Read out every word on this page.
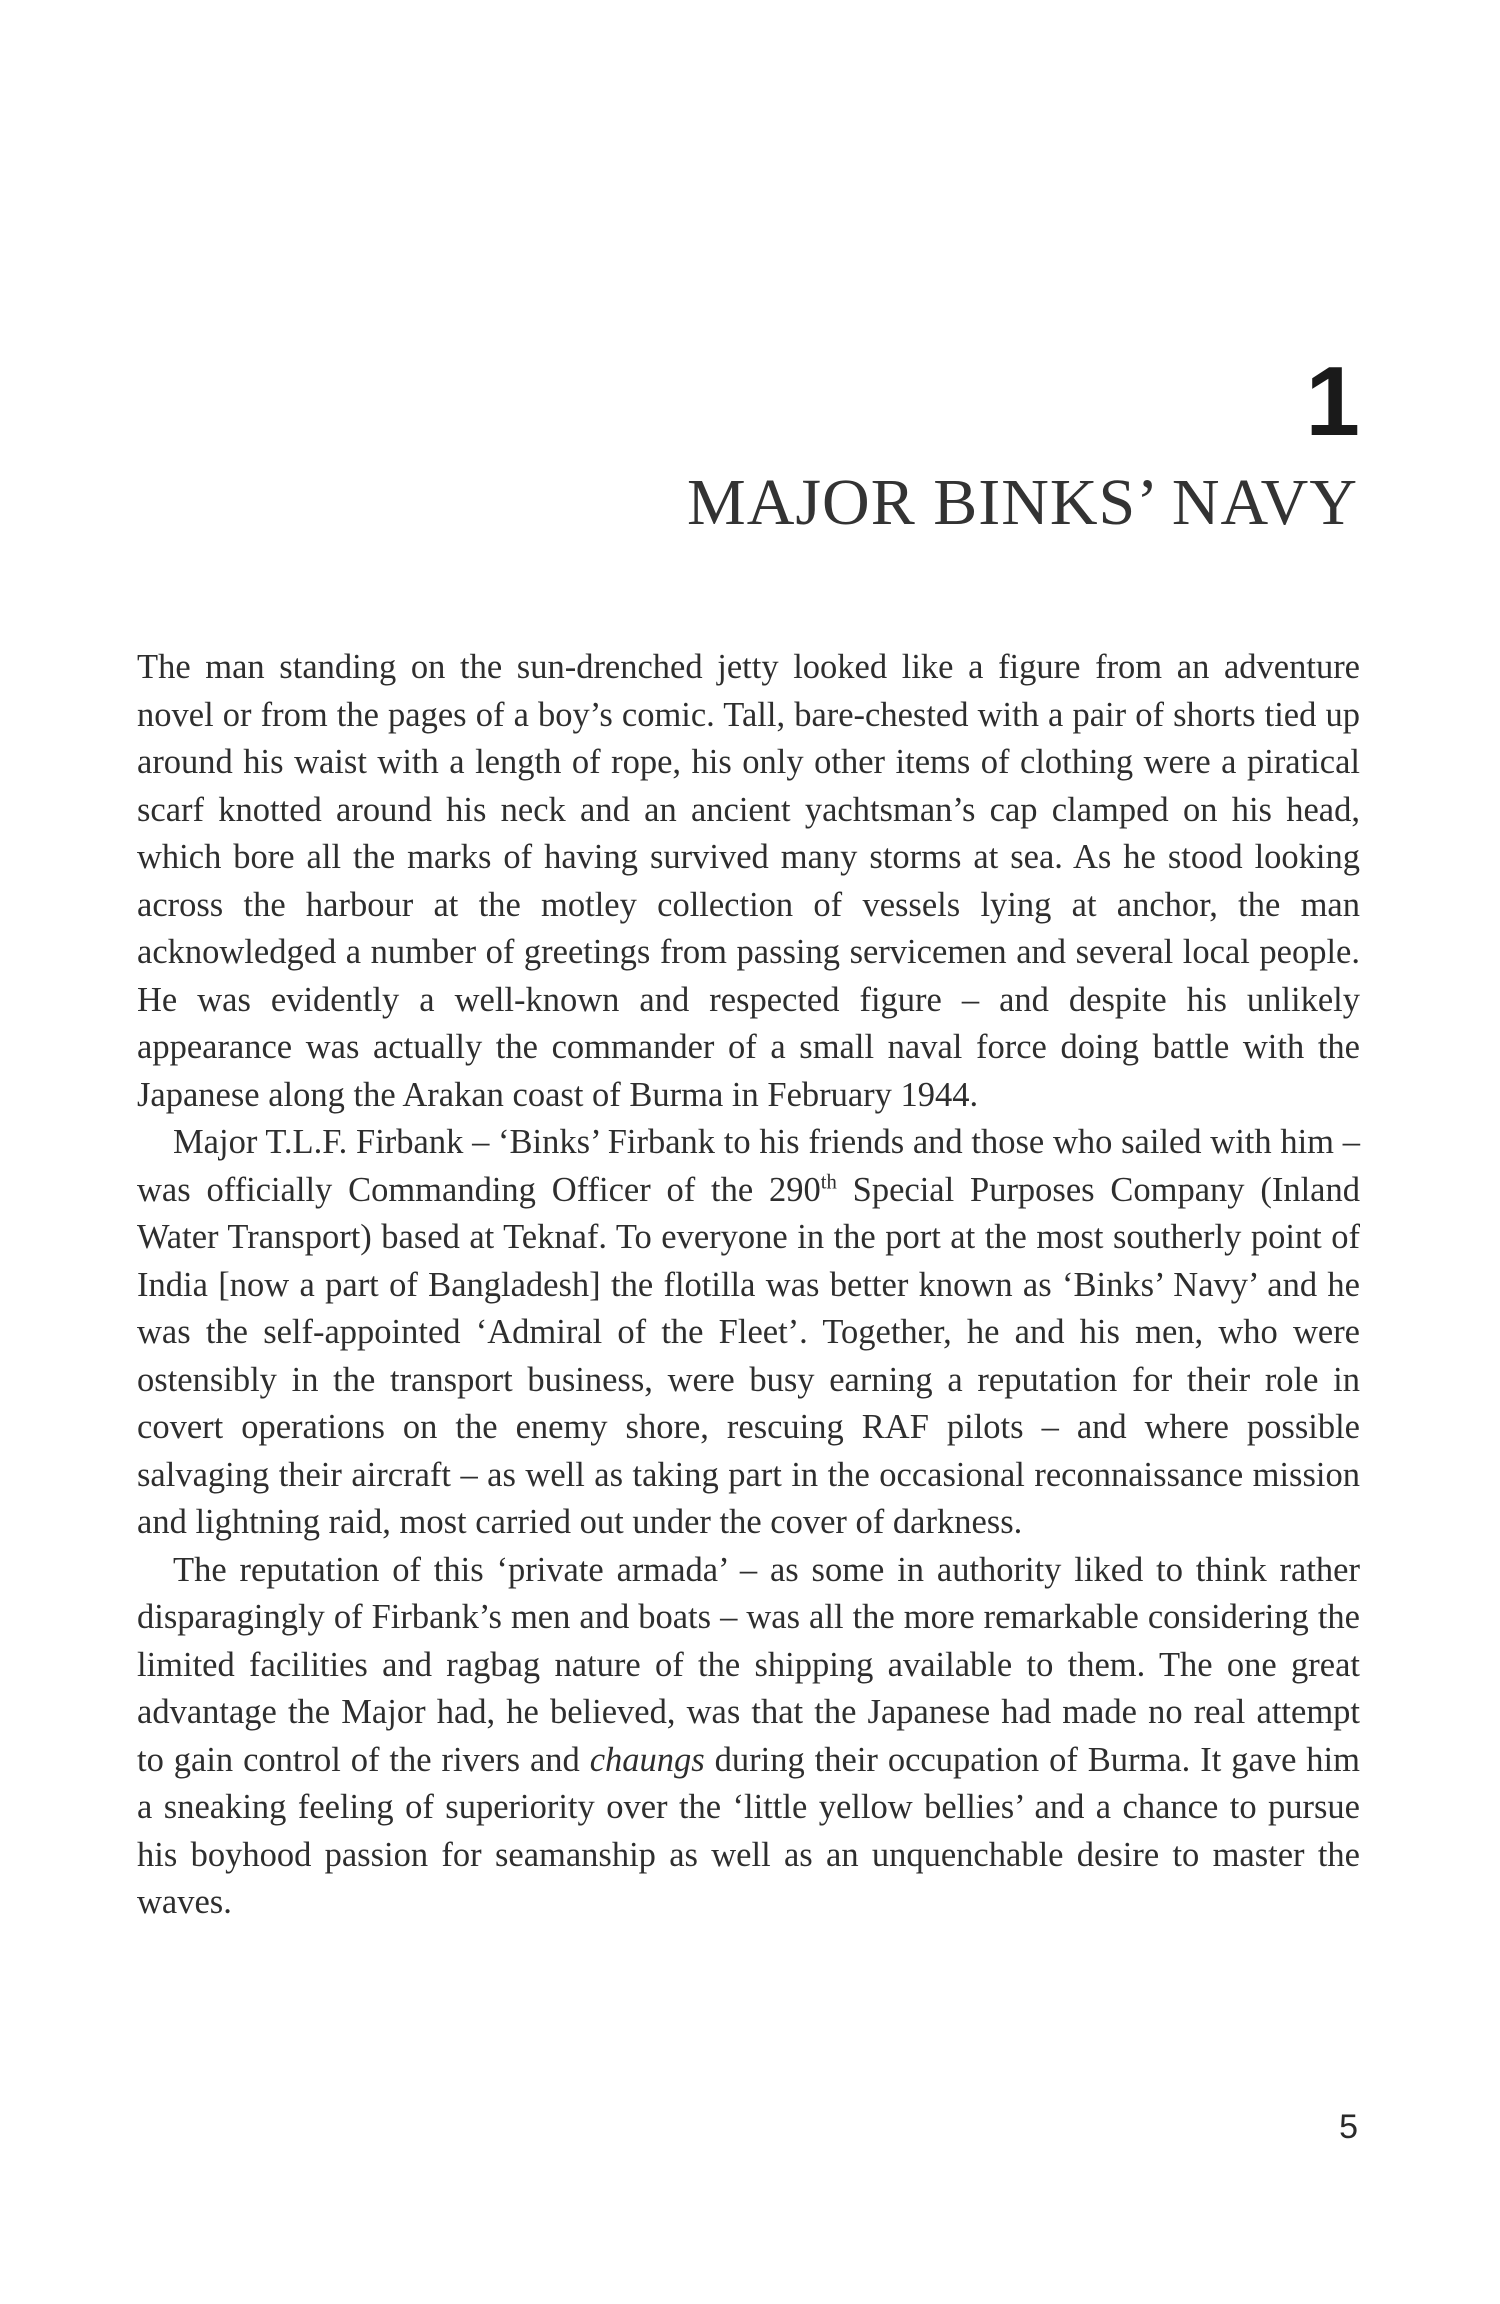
1
MAJOR BINKS’ NAVY

The man standing on the sun-drenched jetty looked like a figure from an adventure novel or from the pages of a boy’s comic. Tall, bare-chested with a pair of shorts tied up around his waist with a length of rope, his only other items of clothing were a piratical scarf knotted around his neck and an ancient yachtsman’s cap clamped on his head, which bore all the marks of having survived many storms at sea. As he stood looking across the harbour at the motley collection of vessels lying at anchor, the man acknowledged a number of greetings from passing servicemen and several local people. He was evidently a well-known and respected figure – and despite his unlikely appearance was actually the commander of a small naval force doing battle with the Japanese along the Arakan coast of Burma in February 1944.

Major T.L.F. Firbank – ‘Binks’ Firbank to his friends and those who sailed with him – was officially Commanding Officer of the 290th Special Purposes Company (Inland Water Transport) based at Teknaf. To everyone in the port at the most southerly point of India [now a part of Bangladesh] the flotilla was better known as ‘Binks’ Navy’ and he was the self-appointed ‘Admiral of the Fleet’. Together, he and his men, who were ostensibly in the transport business, were busy earning a reputation for their role in covert operations on the enemy shore, rescuing RAF pilots – and where possible salvaging their aircraft – as well as taking part in the occasional reconnaissance mission and lightning raid, most carried out under the cover of darkness.

The reputation of this ‘private armada’ – as some in authority liked to think rather disparagingly of Firbank’s men and boats – was all the more remarkable considering the limited facilities and ragbag nature of the shipping available to them. The one great advantage the Major had, he believed, was that the Japanese had made no real attempt to gain control of the rivers and chaungs during their occupation of Burma. It gave him a sneaking feeling of superiority over the ‘little yellow bellies’ and a chance to pursue his boyhood passion for seamanship as well as an unquenchable desire to master the waves.

5
